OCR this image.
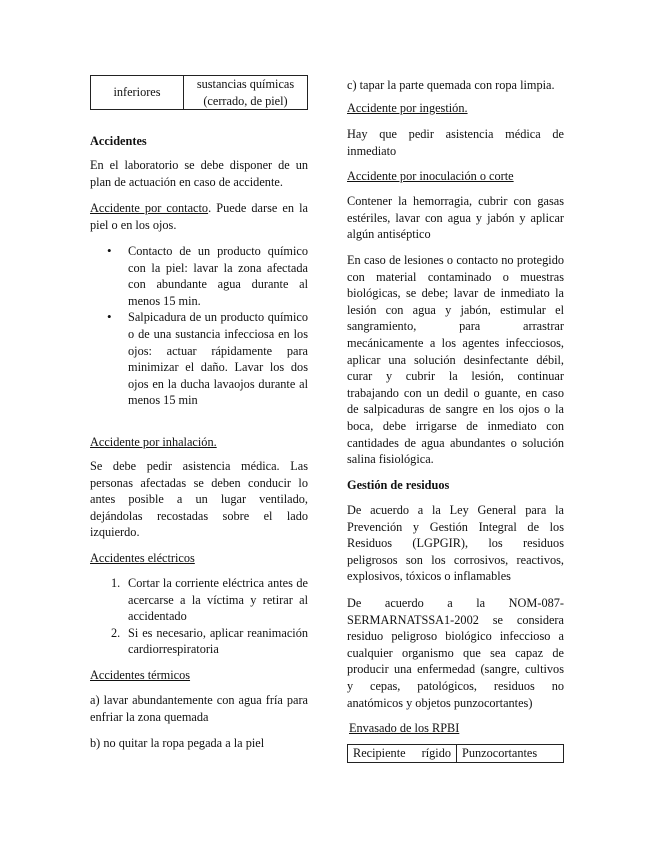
inferiores	sustancias químicas
(cerrado, de piel)

Accidentes

En el laboratorio se debe disponer de un plan de actuación en caso de accidente.

Accidente por contacto. Puede darse en la piel o en los ojos.

• Contacto de un producto químico con la piel: lavar la zona afectada con abundante agua durante al menos 15 min.
• Salpicadura de un producto químico o de una sustancia infecciosa en los ojos: actuar rápidamente para minimizar el daño. Lavar los dos ojos en la ducha lavaojos durante al menos 15 min

Accidente por inhalación.

Se debe pedir asistencia médica. Las personas afectadas se deben conducir lo antes posible a un lugar ventilado, dejándolas recostadas sobre el lado izquierdo.

Accidentes eléctricos

1. Cortar la corriente eléctrica antes de acercarse a la víctima y retirar al accidentado
2. Si es necesario, aplicar reanimación cardiorrespiratoria

Accidentes térmicos

a) lavar abundantemente con agua fría para enfriar la zona quemada

b) no quitar la ropa pegada a la piel

c) tapar la parte quemada con ropa limpia.

Accidente por ingestión.

Hay que pedir asistencia médica de inmediato

Accidente por inoculación o corte

Contener la hemorragia, cubrir con gasas estériles, lavar con agua y jabón y aplicar algún antiséptico

En caso de lesiones o contacto no protegido con material contaminado o muestras biológicas, se debe; lavar de inmediato la lesión con agua y jabón, estimular el sangramiento, para arrastrar mecánicamente a los agentes infecciosos, aplicar una solución desinfectante débil, curar y cubrir la lesión, continuar trabajando con un dedil o guante, en caso de salpicaduras de sangre en los ojos o la boca, debe irrigarse de inmediato con cantidades de agua abundantes o solución salina fisiológica.

Gestión de residuos

De acuerdo a la Ley General para la Prevención y Gestión Integral de los Residuos (LGPGIR), los residuos peligrosos son los corrosivos, reactivos, explosivos, tóxicos o inflamables

De acuerdo a la NOM-087-SERMARNATSSA1-2002 se considera residuo peligroso biológico infeccioso a cualquier organismo que sea capaz de producir una enfermedad (sangre, cultivos y cepas, patológicos, residuos no anatómicos y objetos punzocortantes)

Envasado de los RPBI

Recipiente rígido	Punzocortantes
